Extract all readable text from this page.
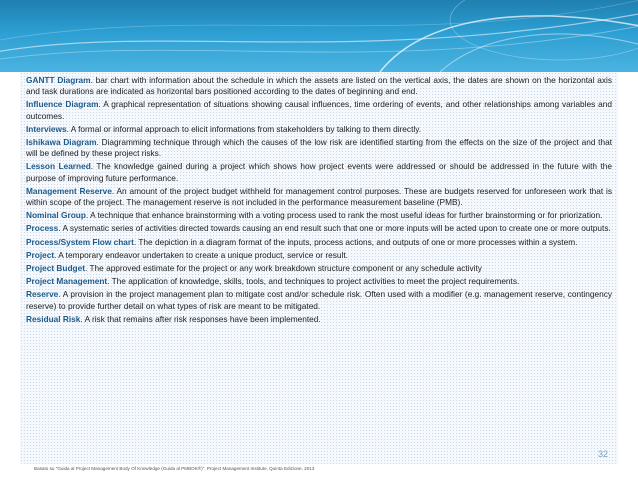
GANTT Diagram. bar chart with information about the schedule in which the assets are listed on the vertical axis, the dates are shown on the horizontal axis and task durations are indicated as horizontal bars positioned according to the dates of beginning and end.

Influence Diagram. A graphical representation of situations showing causal influences, time ordering of events, and other relationships among variables and outcomes.

Interviews. A formal or informal approach to elicit informations from stakeholders by talking to them directly.

Ishikawa Diagram. Diagramming technique through which the causes of the low risk are identified starting from the effects on the size of the project and that will be defined by these project risks.

Lesson Learned. The knowledge gained during a project which shows how project events were addressed or should be addressed in the future with the purpose of improving future performance.

Management Reserve. An amount of the project budget withheld for management control purposes. These are budgets reserved for unforeseen work that is within scope of the project. The management reserve is not included in the performance measurement baseline (PMB).

Nominal Group. A technique that enhance brainstorming with a voting process used to rank the most useful ideas for further brainstorming or for priorization.

Process. A systematic series of activities directed towards causing an end result such that one or more inputs will be acted upon to create one or more outputs.

Process/System Flow chart. The depiction in a diagram format of the inputs, process actions, and outputs of one or more processes within a system.

Project. A temporary endeavor undertaken to create a unique product, service or result.

Project Budget. The approved estimate for the project or any work breakdown structure component or any schedule activity

Project Management. The application of knowledge, skills, tools, and techniques to project activities to meet the project requirements.

Reserve. A provision in the project management plan to mitigate cost and/or schedule risk. Often used with a modifier (e.g. management reserve, contingency reserve) to provide further detail on what types of risk are meant to be mitigated.

Residual Risk. A risk that remains after risk responses have been implemented.

32
Basato su "Guida al Project Management Body Of Knowledge (Guida al PMBOK®)", Project Management Institute, Quinta Edizione, 2013
